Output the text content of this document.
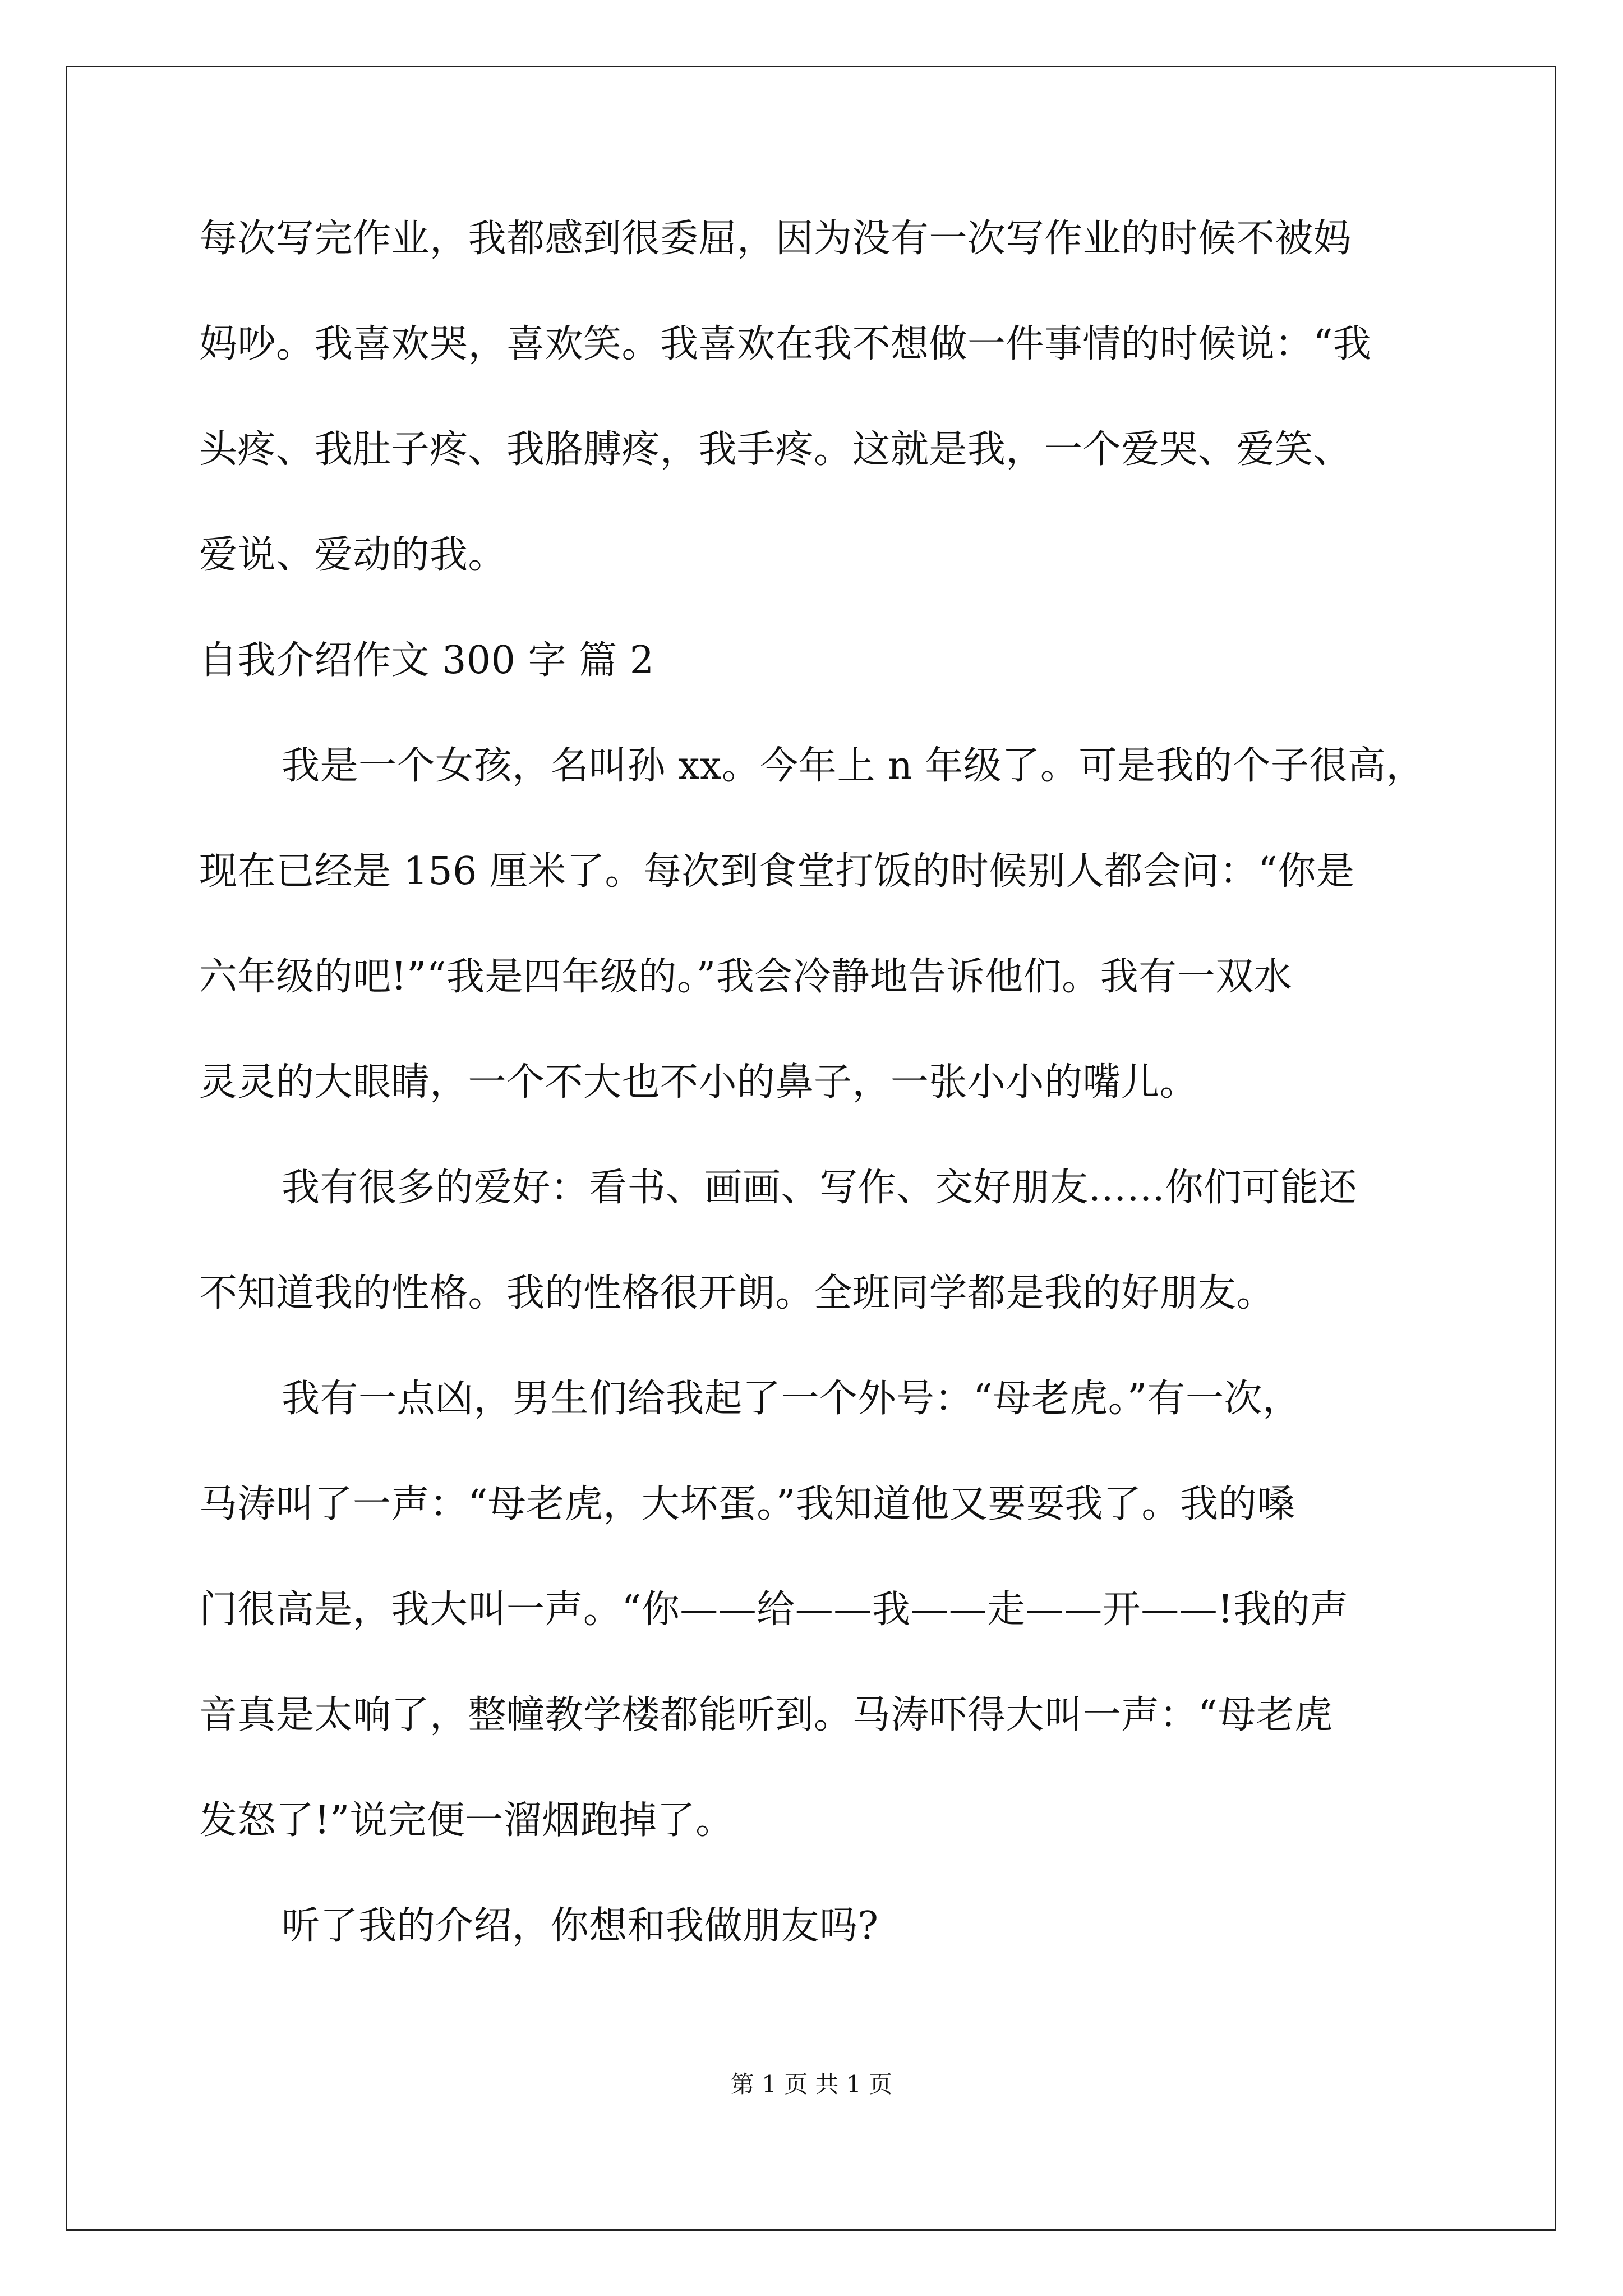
每次写完作业，我都感到很委屈，因为没有一次写作业的时候不被妈
妈吵。我喜欢哭，喜欢笑。我喜欢在我不想做一件事情的时候说：“我
头疼、我肚子疼、我胳膊疼，我手疼。这就是我，一个爱哭、爱笑、
爱说、爱动的我。
自我介绍作文 300 字 篇 2
我是一个女孩，名叫孙 xx。今年上 n 年级了。可是我的个子很高，
现在已经是 156 厘米了。每次到食堂打饭的时候别人都会问：“你是
六年级的吧!”“我是四年级的。”我会冷静地告诉他们。我有一双水
灵灵的大眼睛，一个不大也不小的鼻子，一张小小的嘴儿。
我有很多的爱好：看书、画画、写作、交好朋友……你们可能还
不知道我的性格。我的性格很开朗。全班同学都是我的好朋友。
我有一点凶，男生们给我起了一个外号：“母老虎。”有一次，
马涛叫了一声：“母老虎，大坏蛋。”我知道他又要耍我了。我的嗓
门很高是，我大叫一声。“你——给——我——走——开——!我的声
音真是太响了，整幢教学楼都能听到。马涛吓得大叫一声：“母老虎
发怒了!”说完便一溜烟跑掉了。
听了我的介绍，你想和我做朋友吗?
第 1 页 共 1 页
